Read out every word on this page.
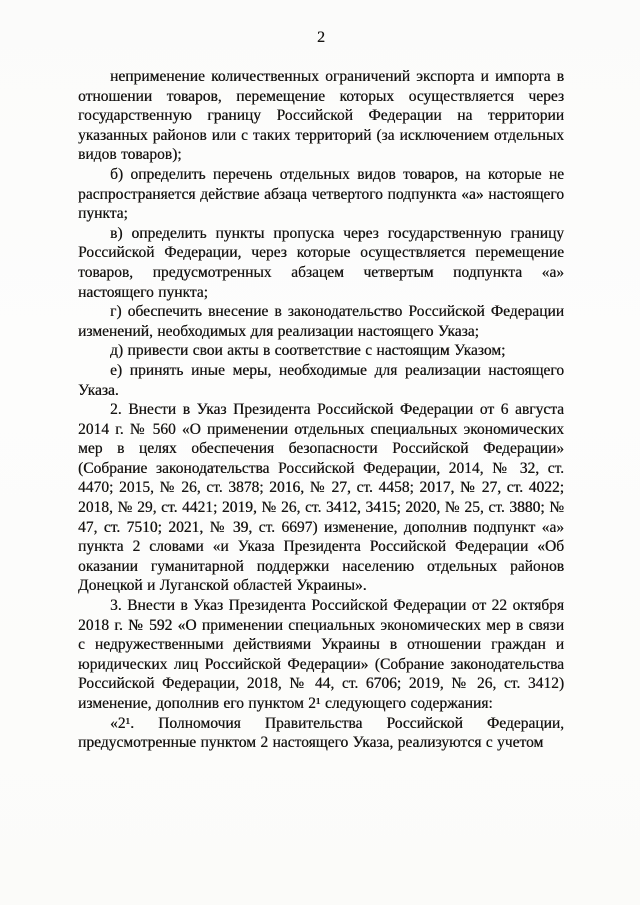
2

неприменение количественных ограничений экспорта и импорта в отношении товаров, перемещение которых осуществляется через государственную границу Российской Федерации на территории указанных районов или с таких территорий (за исключением отдельных видов товаров);

б) определить перечень отдельных видов товаров, на которые не распространяется действие абзаца четвертого подпункта «а» настоящего пункта;

в) определить пункты пропуска через государственную границу Российской Федерации, через которые осуществляется перемещение товаров, предусмотренных абзацем четвертым подпункта «а» настоящего пункта;

г) обеспечить внесение в законодательство Российской Федерации изменений, необходимых для реализации настоящего Указа;

д) привести свои акты в соответствие с настоящим Указом;

е) принять иные меры, необходимые для реализации настоящего Указа.

2. Внести в Указ Президента Российской Федерации от 6 августа 2014 г. № 560 «О применении отдельных специальных экономических мер в целях обеспечения безопасности Российской Федерации» (Собрание законодательства Российской Федерации, 2014, № 32, ст. 4470; 2015, № 26, ст. 3878; 2016, № 27, ст. 4458; 2017, № 27, ст. 4022; 2018, № 29, ст. 4421; 2019, № 26, ст. 3412, 3415; 2020, № 25, ст. 3880; № 47, ст. 7510; 2021, № 39, ст. 6697) изменение, дополнив подпункт «а» пункта 2 словами «и Указа Президента Российской Федерации «Об оказании гуманитарной поддержки населению отдельных районов Донецкой и Луганской областей Украины».

3. Внести в Указ Президента Российской Федерации от 22 октября 2018 г. № 592 «О применении специальных экономических мер в связи с недружественными действиями Украины в отношении граждан и юридических лиц Российской Федерации» (Собрание законодательства Российской Федерации, 2018, № 44, ст. 6706; 2019, № 26, ст. 3412) изменение, дополнив его пунктом 2¹ следующего содержания:

«2¹. Полномочия Правительства Российской Федерации, предусмотренные пунктом 2 настоящего Указа, реализуются с учетом
